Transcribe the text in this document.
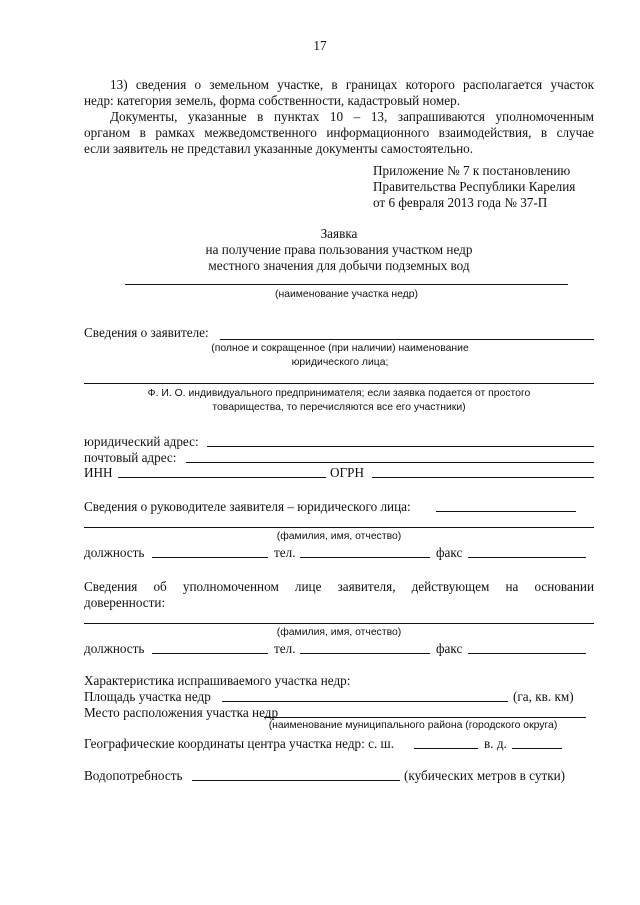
17
13) сведения о земельном участке, в границах которого располагается участок
недр: категория земель, форма собственности, кадастровый номер.
Документы, указанные в пунктах 10 – 13, запрашиваются уполномоченным
органом в рамках межведомственного информационного взаимодействия, в случае
если заявитель не представил указанные документы самостоятельно.
Приложение № 7 к постановлению
Правительства Республики Карелия
от 6 февраля 2013 года № 37-П
Заявка
на получение права пользования участком недр
местного значения для добычи подземных вод
(наименование участка недр)
Сведения о заявителе:
(полное и сокращенное (при наличии) наименование
юридического лица;
Ф. И. О. индивидуального предпринимателя; если заявка подается от простого
товарищества, то перечисляются все его участники)
юридический адрес:
почтовый адрес:
ИНН	ОГРН
Сведения о руководителе заявителя – юридического лица:
(фамилия, имя, отчество)
должность	тел.	факс
Сведения об уполномоченном лице заявителя, действующем на основании
доверенности:
(фамилия, имя, отчество)
должность	тел.	факс
Характеристика испрашиваемого участка недр:
Площадь участка недр	(га, кв. км)
Место расположения участка недр
(наименование муниципального района (городского округа)
Географические координаты центра участка недр: с. ш.	в. д.
Водопотребность	(кубических метров в сутки)
